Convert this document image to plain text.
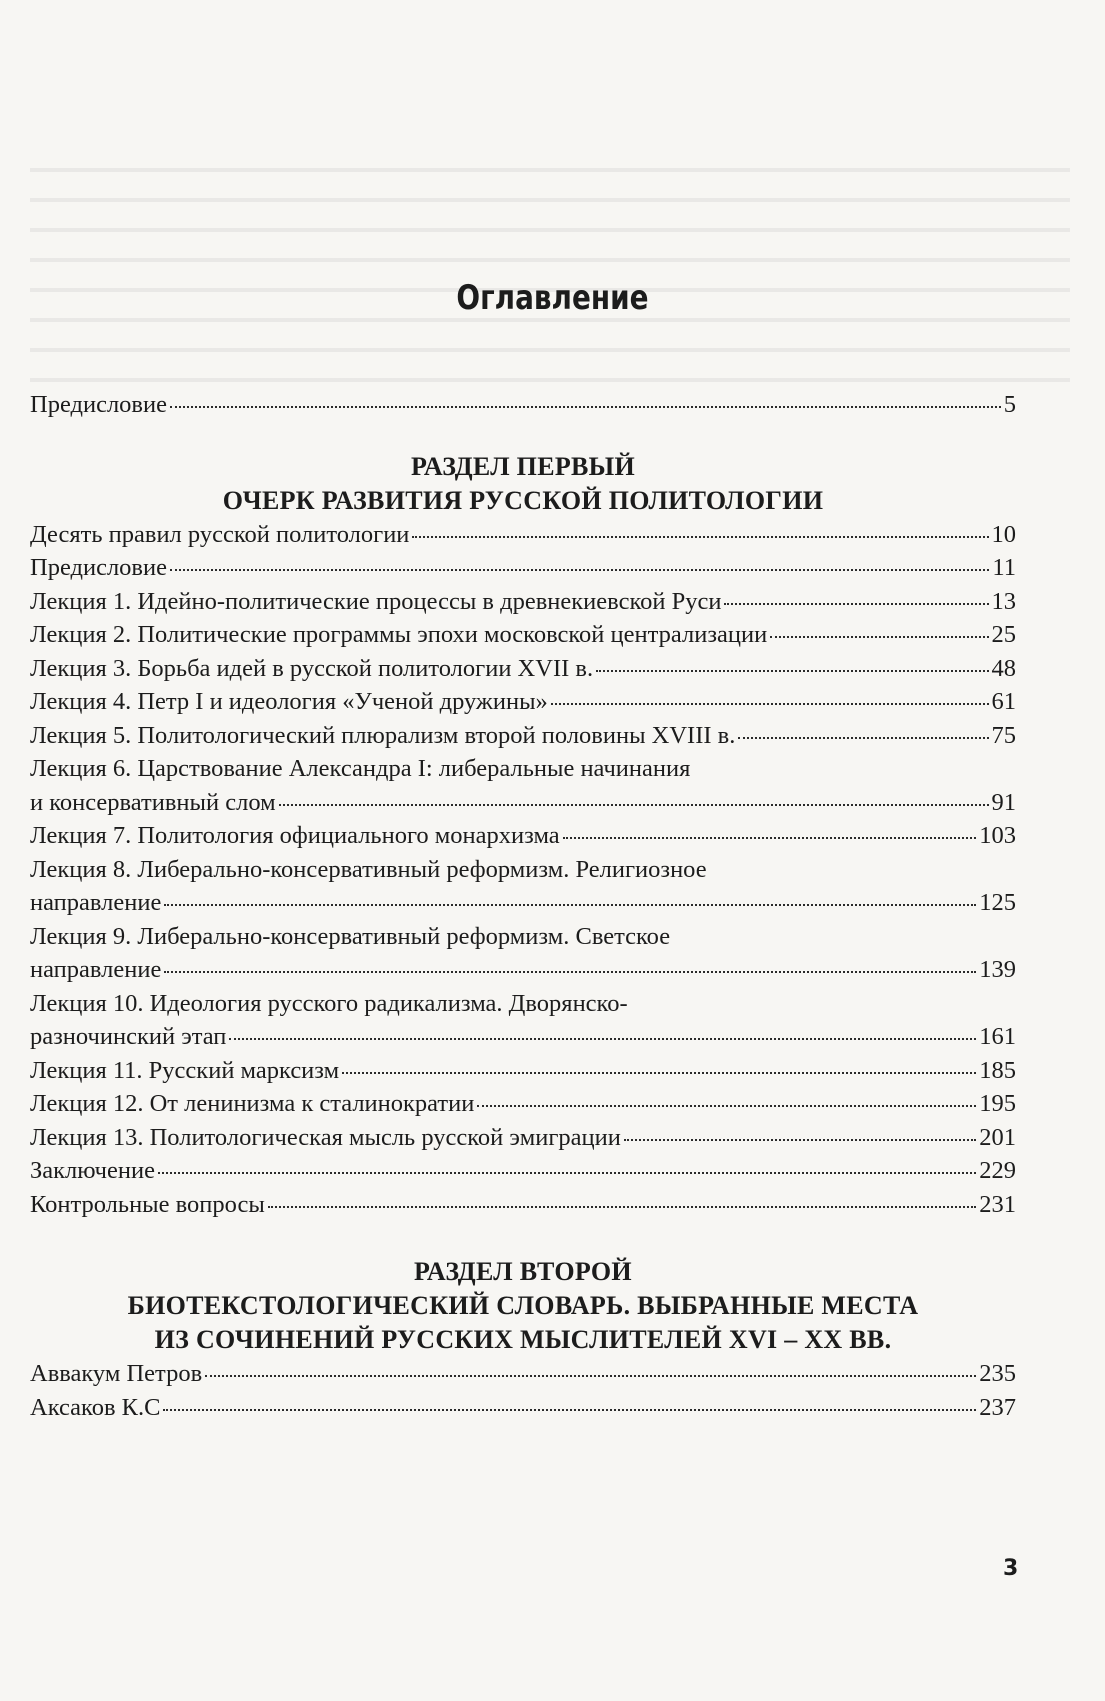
Оглавление
Предисловие	5
РАЗДЕЛ ПЕРВЫЙ
ОЧЕРК РАЗВИТИЯ РУССКОЙ ПОЛИТОЛОГИИ
Десять правил русской политологии	10
Предисловие	11
Лекция 1. Идейно-политические процессы в древнекиевской Руси	13
Лекция 2. Политические программы эпохи московской централизации	25
Лекция 3. Борьба идей в русской политологии XVII в.	48
Лекция 4. Петр I и идеология «Ученой дружины»	61
Лекция 5. Политологический плюрализм второй половины XVIII в.	75
Лекция 6. Царствование Александра I: либеральные начинания
и консервативный слом	91
Лекция 7. Политология официального монархизма	103
Лекция 8. Либерально-консервативный реформизм. Религиозное
направление	125
Лекция 9. Либерально-консервативный реформизм. Светское
направление	139
Лекция 10. Идеология русского радикализма. Дворянско-
разночинский этап	161
Лекция 11. Русский марксизм	185
Лекция 12. От ленинизма к сталинократии	195
Лекция 13. Политологическая мысль русской эмиграции	201
Заключение	229
Контрольные вопросы	231
РАЗДЕЛ ВТОРОЙ
БИОТЕКСТОЛОГИЧЕСКИЙ СЛОВАРЬ. ВЫБРАННЫЕ МЕСТА
ИЗ СОЧИНЕНИЙ РУССКИХ МЫСЛИТЕЛЕЙ XVI – XX ВВ.
Аввакум Петров	235
Аксаков К.С	237
3
